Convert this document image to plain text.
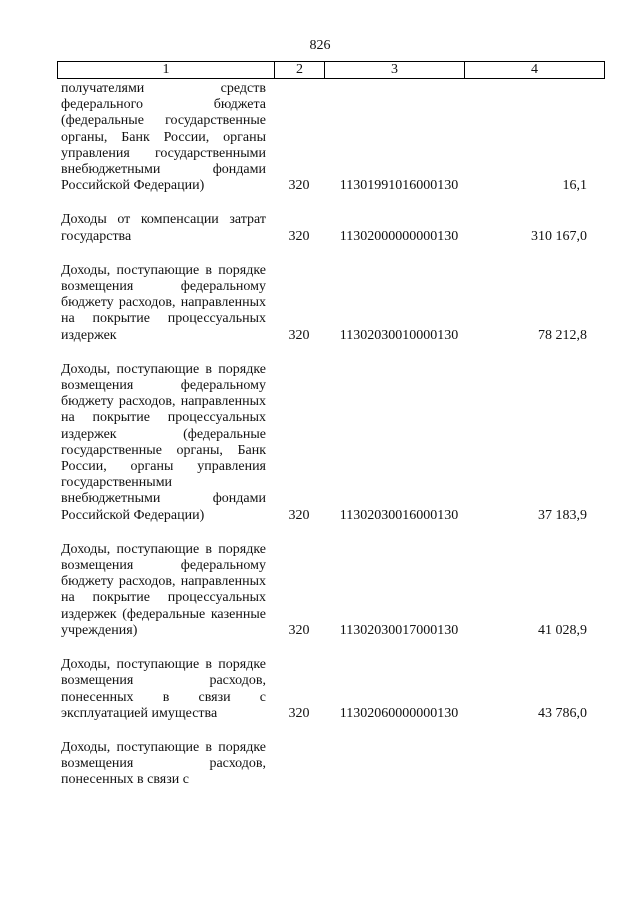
826
1	2	3	4
получателями средств федерального бюджета (федеральные государственные органы, Банк России, органы управления государственными внебюджетными фондами Российской Федерации)	320	11301991016000130	16,1
Доходы от компенсации затрат государства	320	11302000000000130	310 167,0
Доходы, поступающие в порядке возмещения федеральному бюджету расходов, направленных на покрытие процессуальных издержек	320	11302030010000130	78 212,8
Доходы, поступающие в порядке возмещения федеральному бюджету расходов, направленных на покрытие процессуальных издержек (федеральные государственные органы, Банк России, органы управления государственными внебюджетными фондами Российской Федерации)	320	11302030016000130	37 183,9
Доходы, поступающие в порядке возмещения федеральному бюджету расходов, направленных на покрытие процессуальных издержек (федеральные казенные учреждения)	320	11302030017000130	41 028,9
Доходы, поступающие в порядке возмещения расходов, понесенных в связи с эксплуатацией имущества	320	11302060000000130	43 786,0
Доходы, поступающие в порядке возмещения расходов, понесенных в связи с
